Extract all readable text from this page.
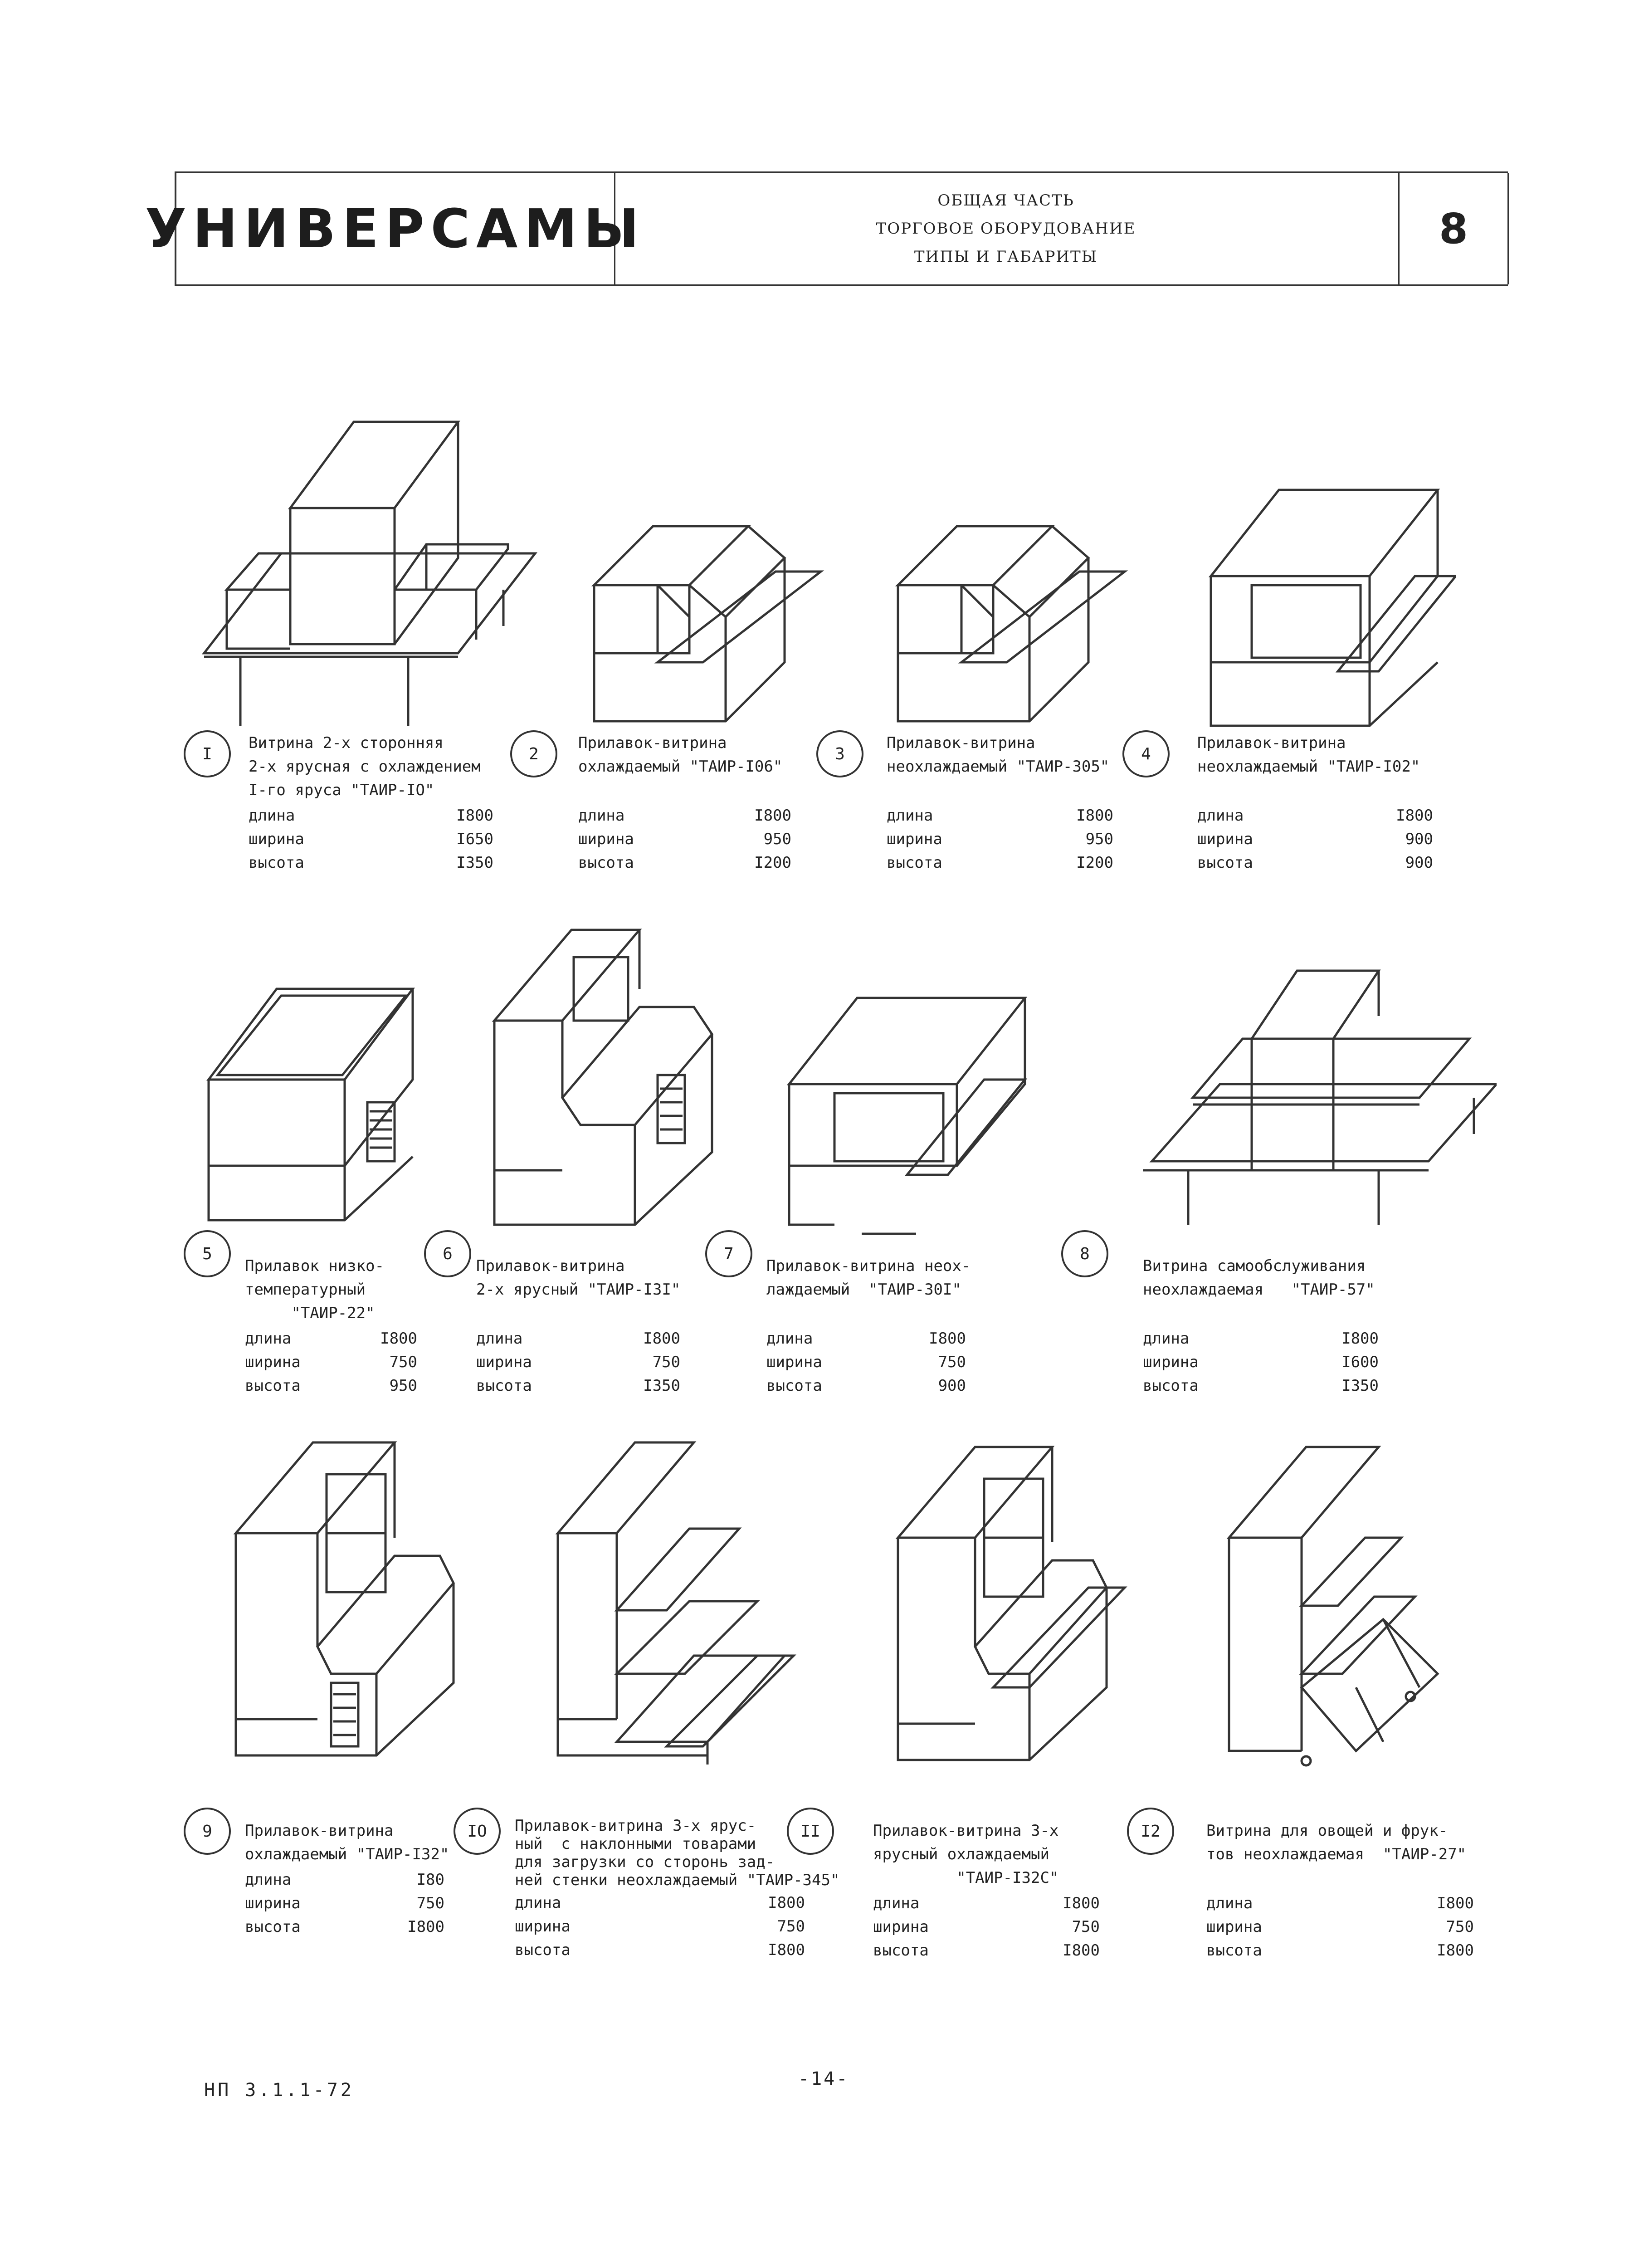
УНИВЕРСАМЫ	ОБЩАЯ ЧАСТЬ
ТОРГОВОЕ ОБОРУДОВАНИЕ
ТИПЫ И ГАБАРИТЫ
8
I
Витрина 2-х сторонняя
2-х ярусная с охлаждением
I-го яруса "ТАИР-IO"
длина	I800
ширина	I650
высота	I350
2
Прилавок-витрина
охлаждаемый "ТАИР-I06"
длина	I800
ширина	950
высота	I200
3
Прилавок-витрина
неохлаждаемый "ТАИР-305"
длина	I800
ширина	950
высота	I200
4
Прилавок-витрина
неохлаждаемый "ТАИР-I02"
длина	I800
ширина	900
высота	900
5
Прилавок низко-
температурный
"ТАИР-22"
длина	I800
ширина	750
высота	950
6
Прилавок-витрина
2-х ярусный "ТАИР-I3I"
длина	I800
ширина	750
высота	I350
7
Прилавок-витрина неох-
лаждаемый  "ТАИР-30I"
длина	I800
ширина	750
высота	900
8
Витрина самообслуживания
неохлаждаемая   "ТАИР-57"
длина	I800
ширина	I600
высота	I350
9	Прилавок-витрина
охлаждаемый "ТАИР-I32"
длина	I80
ширина	750
высота	I800
IO	Прилавок-витрина 3-х ярус-
ный  с наклонными товарами
для загрузки со сторонь зад-
ней стенки неохлаждаемый "ТАИР-345"
длина	I800
ширина	750
высота	I800
II	Прилавок-витрина 3-х
ярусный охлаждаемый
"ТАИР-I32C"
длина	I800
ширина	750
высота	I800
I2	Витрина для овощей и фрук-
тов неохлаждаемая  "ТАИР-27"
длина	I800
ширина	750
высота	I800
-14-
НП 3.1.1-72
